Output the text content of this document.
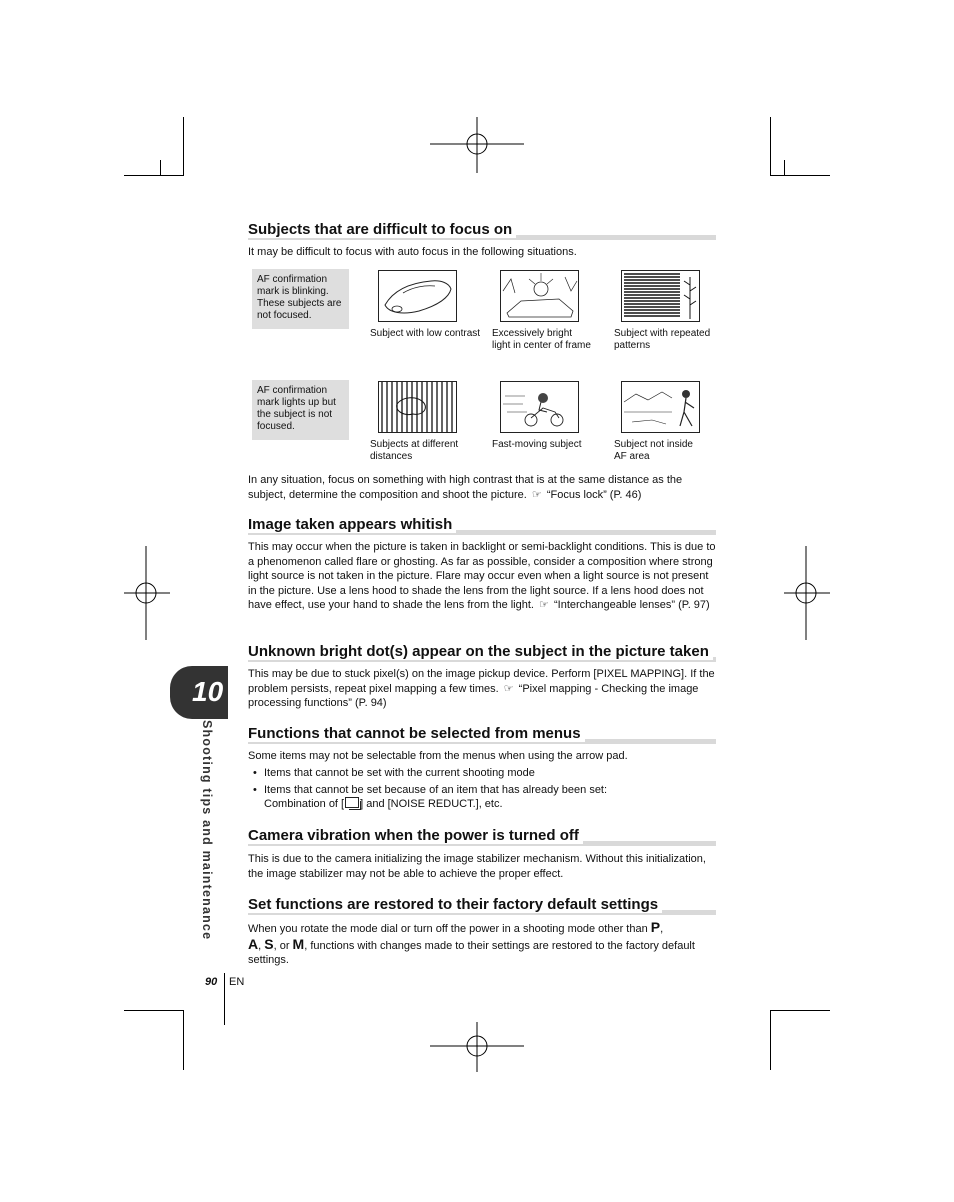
Subjects that are difficult to focus on
It may be difficult to focus with auto focus in the following situations.
AF confirmation mark is blinking. These subjects are not focused.
AF confirmation mark lights up but the subject is not focused.
Subject with low contrast Excessively bright light in center of frame
Subject with repeated patterns
Subjects at different distances
Fast-moving subject	Subject not inside AF area
In any situation, focus on something with high contrast that is at the same distance as the subject, determine the composition and shoot the picture. ☞ “Focus lock” (P. 46)
Image taken appears whitish
This may occur when the picture is taken in backlight or semi-backlight conditions. This is due to a phenomenon called flare or ghosting. As far as possible, consider a composition where strong light source is not taken in the picture. Flare may occur even when a light source is not present in the picture. Use a lens hood to shade the lens from the light source. If a lens hood does not have effect, use your hand to shade the lens from the light. ☞ “Interchangeable lenses” (P. 97)
Unknown bright dot(s) appear on the subject in the picture taken
This may be due to stuck pixel(s) on the image pickup device. Perform [PIXEL MAPPING]. If the problem persists, repeat pixel mapping a few times. ☞ “Pixel mapping - Checking the image processing functions” (P. 94)
Functions that cannot be selected from menus
Some items may not be selectable from the menus when using the arrow pad.
• Items that cannot be set with the current shooting mode
• Items that cannot be set because of an item that has already been set:
Combination of [ ] and [NOISE REDUCT.], etc.
Camera vibration when the power is turned off
This is due to the camera initializing the image stabilizer mechanism. Without this initialization, the image stabilizer may not be able to achieve the proper effect.
Set functions are restored to their factory default settings
When you rotate the mode dial or turn off the power in a shooting mode other than P,
A, S, or M, functions with changes made to their settings are restored to the factory default settings.
10
Shooting tips and maintenance
90 EN
